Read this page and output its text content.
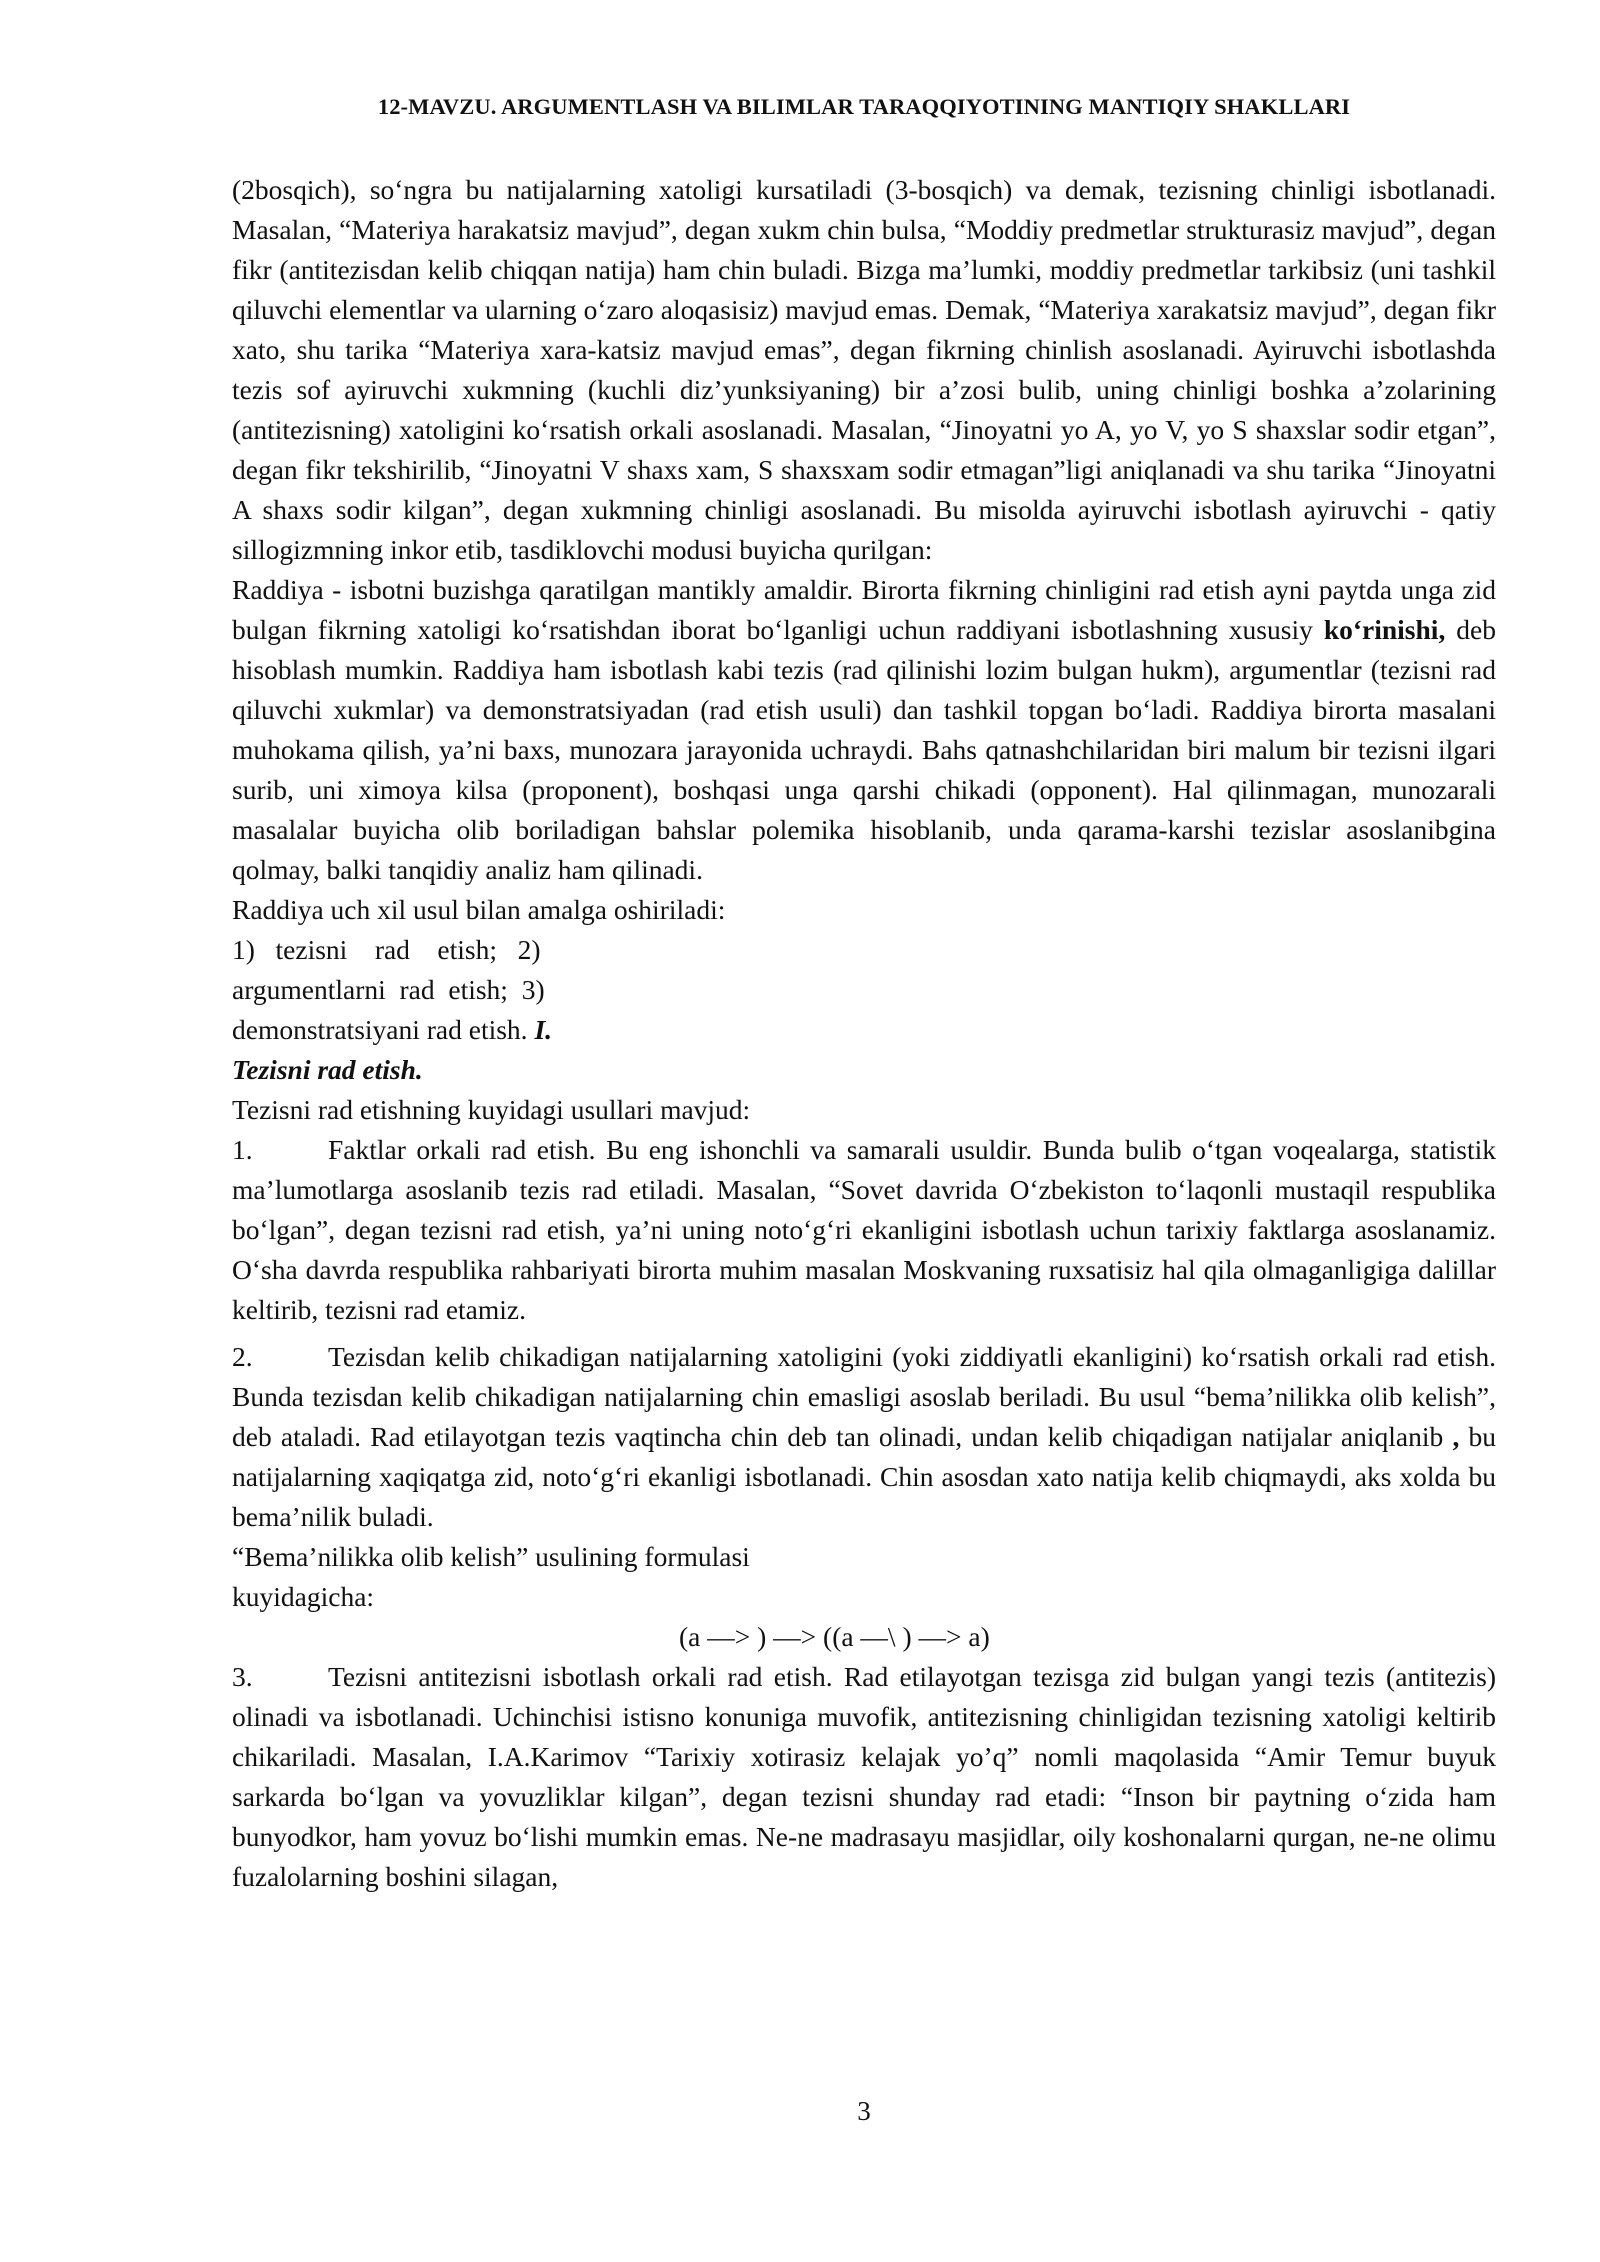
12-MAVZU. ARGUMENTLASH VA BILIMLAR TARAQQIYOTINING MANTIQIY SHAKLLARI

(2bosqich), so‘ngra bu natijalarning xatoligi kursatiladi (3-bosqich) va demak, tezisning chinligi isbotlanadi. Masalan, “Materiya harakatsiz mavjud”, degan xukm chin bulsa, “Moddiy predmetlar strukturasiz mavjud”, degan fikr (antitezisdan kelib chiqqan natija) ham chin buladi. Bizga ma’lumki, moddiy predmetlar tarkibsiz (uni tashkil qiluvchi elementlar va ularning o‘zaro aloqasisiz) mavjud emas. Demak, “Materiya xarakatsiz mavjud”, degan fikr xato, shu tarika “Materiya xara-katsiz mavjud emas”, degan fikrning chinlish asoslanadi. Ayiruvchi isbotlashda tezis sof ayiruvchi xukmning (kuchli diz’yunksiyaning) bir a’zosi bulib, uning chinligi boshka a’zolarining (antitezisning) xatoligini ko‘rsatish orkali asoslanadi. Masalan, “Jinoyatni yo A, yo V, yo S shaxslar sodir etgan”, degan fikr tekshirilib, “Jinoyatni V shaxs xam, S shaxsxam sodir etmagan”ligi aniqlanadi va shu tarika “Jinoyatni A shaxs sodir kilgan”, degan xukmning chinligi asoslanadi. Bu misolda ayiruvchi isbotlash ayiruvchi - qatiy sillogizmning inkor etib, tasdiklovchi modusi buyicha qurilgan:

Raddiya - isbotni buzishga qaratilgan mantikly amaldir. Birorta fikrning chinligini rad etish ayni paytda unga zid bulgan fikrning xatoligi ko‘rsatishdan iborat bo‘lganligi uchun raddiyani isbotlashning xususiy ko‘rinishi, deb hisoblash mumkin. Raddiya ham isbotlash kabi tezis (rad qilinishi lozim bulgan hukm), argumentlar (tezisni rad qiluvchi xukmlar) va demonstratsiyadan (rad etish usuli) dan tashkil topgan bo‘ladi. Raddiya birorta masalani muhokama qilish, ya’ni baxs, munozara jarayonida uchraydi. Bahs qatnashchilaridan biri malum bir tezisni ilgari surib, uni ximoya kilsa (proponent), boshqasi unga qarshi chikadi (opponent). Hal qilinmagan, munozarali masalalar buyicha olib boriladigan bahslar polemika hisoblanib, unda qarama-karshi tezislar asoslanibgina qolmay, balki tanqidiy analiz ham qilinadi.

Raddiya uch xil usul bilan amalga oshiriladi:

1)   tezisni    rad    etish;   2)

argumentlarni  rad  etish;  3)

demonstratsiyani rad etish. I.

Tezisni rad etish.

Tezisni rad etishning kuyidagi usullari mavjud:

1.	Faktlar orkali rad etish. Bu eng ishonchli va samarali usuldir. Bunda bulib o‘tgan voqealarga, statistik ma’lumotlarga asoslanib tezis rad etiladi. Masalan, “Sovet davrida O‘zbekiston to‘laqonli mustaqil respublika bo‘lgan”, degan tezisni rad etish, ya’ni uning noto‘g‘ri ekanligini isbotlash uchun tarixiy faktlarga asoslanamiz. O‘sha davrda respublika rahbariyati birorta muhim masalan Moskvaning ruxsatisiz hal qila olmaganligiga dalillar keltirib, tezisni rad etamiz.

2.	Tezisdan kelib chikadigan natijalarning xatoligini (yoki ziddiyatli ekanligini) ko‘rsatish orkali rad etish. Bunda tezisdan kelib chikadigan natijalarning chin emasligi asoslab beriladi. Bu usul “bema’nilikka olib kelish”, deb ataladi. Rad etilayotgan tezis vaqtincha chin deb tan olinadi, undan kelib chiqadigan natijalar aniqlanib , bu natijalarning xaqiqatga zid, noto‘g‘ri ekanligi isbotlanadi. Chin asosdan xato natija kelib chiqmaydi, aks xolda bu bema’nilik buladi.

“Bema’nilikka olib kelish” usulining formulasi

kuyidagicha:

(a —> ) —> ((a —\ ) —> a)

3.	Tezisni antitezisni isbotlash orkali rad etish. Rad etilayotgan tezisga zid bulgan yangi tezis (antitezis) olinadi va isbotlanadi. Uchinchisi istisno konuniga muvofik, antitezisning chinligidan tezisning xatoligi keltirib chikariladi. Masalan, I.A.Karimov “Tarixiy xotirasiz kelajak yo’q” nomli maqolasida “Amir Temur buyuk sarkarda bo‘lgan va yovuzliklar kilgan”, degan tezisni shunday rad etadi: “Inson bir paytning o‘zida ham bunyodkor, ham yovuz bo‘lishi mumkin emas. Ne-ne madrasayu masjidlar, oily koshonalarni qurgan, ne-ne olimu fuzalolarning boshini silagan,

3
